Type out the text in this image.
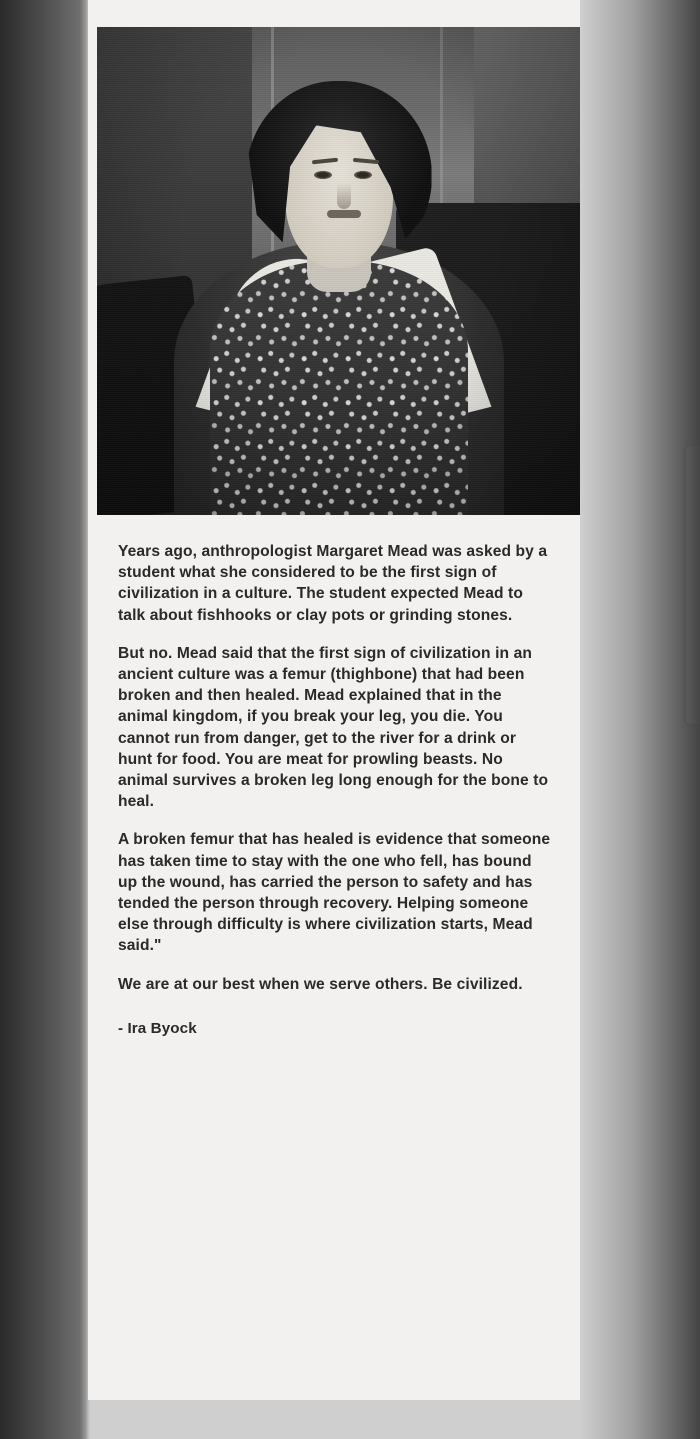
Years ago, anthropologist Margaret Mead was asked by a student what she considered to be the first sign of civilization in a culture. The student expected Mead to talk about fishhooks or clay pots or grinding stones.

But no. Mead said that the first sign of civilization in an ancient culture was a femur (thighbone) that had been broken and then healed. Mead explained that in the animal kingdom, if you break your leg, you die. You cannot run from danger, get to the river for a drink or hunt for food. You are meat for prowling beasts. No animal survives a broken leg long enough for the bone to heal.

A broken femur that has healed is evidence that someone has taken time to stay with the one who fell, has bound up the wound, has carried the person to safety and has tended the person through recovery. Helping someone else through difficulty is where civilization starts, Mead said."

We are at our best when we serve others. Be civilized.

- Ira Byock
